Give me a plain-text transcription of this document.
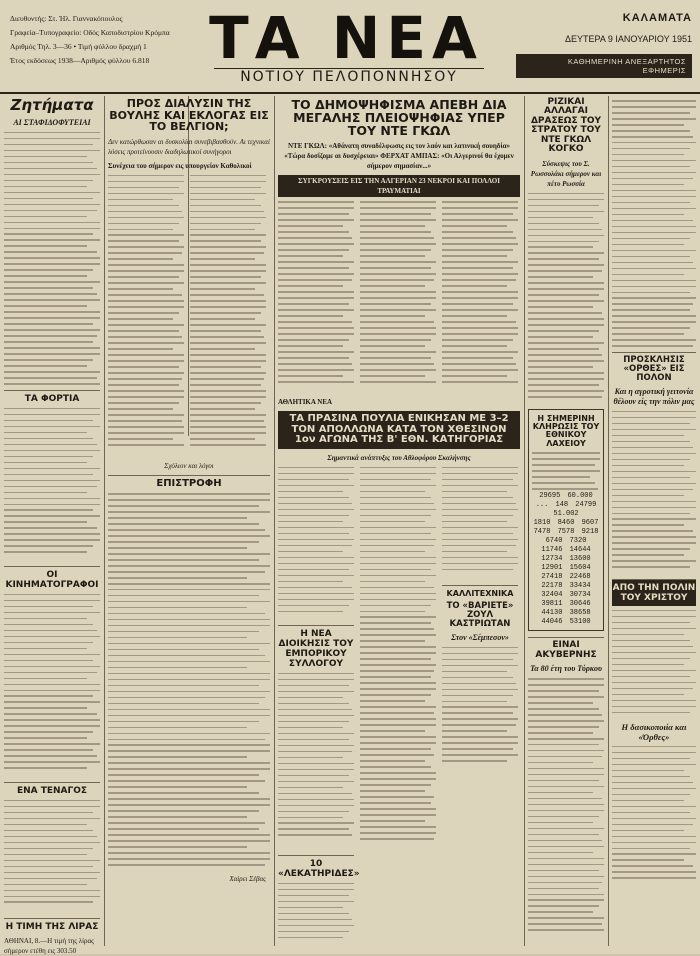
Διευθυντής: Στ. Ήλ. Γιαννακόπουλος
Γραφεία–Τυπογραφείο: Οδός Καποδιστρίου Κρόμπα
Αριθμός Τηλ. 3—36 • Τιμή φύλλου δραχμή 1
Έτος εκδόσεως 1938—Αριθμός φύλλου 6.818	ΤΑ ΝΕΑ
ΝΟΤΙΟΥ ΠΕΛΟΠΟΝΝΗΣΟΥ
ΚΑΛΑΜΑΤΑ
ΔΕΥΤΕΡΑ 9 ΙΑΝΟΥΑΡΙΟΥ 1951
ΚΑΘΗΜΕΡΙΝΗ ΑΝΕΞΑΡΤΗΤΟΣ ΕΦΗΜΕΡΙΣ
Ζητήματα
ΑΙ ΣΤΑΦΙΔΟΦΥΤΕΙΑΙ
ΤΑ ΦΟΡΤΙΑ
ΟΙ ΚΙΝΗΜΑΤΟΓΡΑΦΟΙ
ΕΝΑ ΤΕΝΑΓΟΣ
Η ΤΙΜΗ ΤΗΣ ΛΙΡΑΣ
ΑΘΗΝΑΙ, 8.—Η τιμή της λίρας σήμερον ετέθη εις 303.50
ΠΡΟΣ ΔΙΑΛΥΣΙΝ ΤΗΣ ΒΟΥΛΗΣ ΚΑΙ ΕΚΛΟΓΑΣ ΕΙΣ ΤΟ ΒΕΛΓΙΟΝ;
Δεν κατώρθωσαν αι δυσκολίαι συνεβιβασθούν. Αι τεχνικαί λύσεις προτείνουσιν διαδηλωτικοί συνήγοροι
Συνέχεια του σήμερον εις υπουργείον Καθολικοί
Σχόλιον και λόγοι
ΕΠΙΣΤΡΟΦΗ
Χαίρει Σέβας
ΤΟ ΔΗΜΟΨΗΦΙΣΜΑ ΑΠΕΒΗ ΔΙΑ ΜΕΓΑΛΗΣ ΠΛΕΙΟΨΗΦΙΑΣ ΥΠΕΡ ΤΟΥ ΝΤΕ ΓΚΩΛ
ΝΤΕ ΓΚΩΛ: «Αθάνατη συναδέλφωσις εις τον λαόν και λατινική σουηδία» «Τώρα δοσίζομε αι δυσχέρειαι» ΦΕΡΧΑΤ ΑΜΠΑΣ: «Οι Αλγερινοί θα έχομεν σήμερον σημασίαν...»
ΣΥΓΚΡΟΥΣΕΙΣ ΕΙΣ ΤΗΝ ΑΛΓΕΡΙΑΝ 23 ΝΕΚΡΟΙ ΚΑΙ ΠΟΛΛΟΙ ΤΡΑΥΜΑΤΙΑΙ
ΑΘΛΗΤΙΚΑ ΝΕΑ
ΤΑ ΠΡΑΣΙΝΑ ΠΟΥΛΙΑ ΕΝΙΚΗΣΑΝ ΜΕ 3–2 ΤΟΝ ΑΠΟΛΛΩΝΑ ΚΑΤΑ ΤΟΝ ΧΘΕΣΙΝΟΝ 1ον ΑΓΩΝΑ ΤΗΣ Β' ΕΘΝ. ΚΑΤΗΓΟΡΙΑΣ
Σημαντικά ανάπτυξις του Αθλοφόρου Σκαλήνσης
Η ΝΕΑ ΔΙΟΙΚΗΣΙΣ ΤΟΥ ΕΜΠΟΡΙΚΟΥ ΣΥΛΛΟΓΟΥ
ΚΑΛΛΙΤΕΧΝΙΚΑ
ΤΟ «ΒΑΡΙΕΤΕ» ΖΟΥΛ ΚΑΣΤΡΙΩΤΑΝ
Στον «Σέμπεσον»
10 «ΛΕΚΑΤΗΡΙΔΕΣ»
ΡΙΖΙΚΑΙ ΑΛΛΑΓΑΙ ΔΡΑΣΕΩΣ ΤΟΥ ΣΤΡΑΤΟΥ ΤΟΥ ΝΤΕ ΓΚΩΛ ΚΟΓΚΟ
Σύσκεψις του Σ. Ρωσσολάκι σήμερον και πέτυ Ρωσσία
Η ΣΗΜΕΡΙΝΗ ΚΛΗΡΩΣΙΣ ΤΟΥ ΕΘΝΙΚΟΥ ΛΑΧΕΙΟΥ
29695 60.000 ... 148 24799 51.002
1810 8460 9607 7478 7578 9218 6740 7320 11746 14644 12734 13600 12901 15604 27418 22468 22178 33434 32404 30734 39811 30646 44130 38658 44046 53100
ΕΙΝΑΙ ΑΚΥΒΕΡΝΗΣ
Τα 80 έτη του Τύρκου
ΠΡΟΣΚΛΗΣΙΣ «ΟΡΘΕΣ» ΕΙΣ ΠΟΛΟΝ
Και η αγροτική γειτονία θέλουν είς την πόλιν μας
ΑΠΟ ΤΗΝ ΠΟΛΙΝ ΤΟΥ ΧΡΙΣΤΟΥ
Η δασικοποιία και «Όρθες»
